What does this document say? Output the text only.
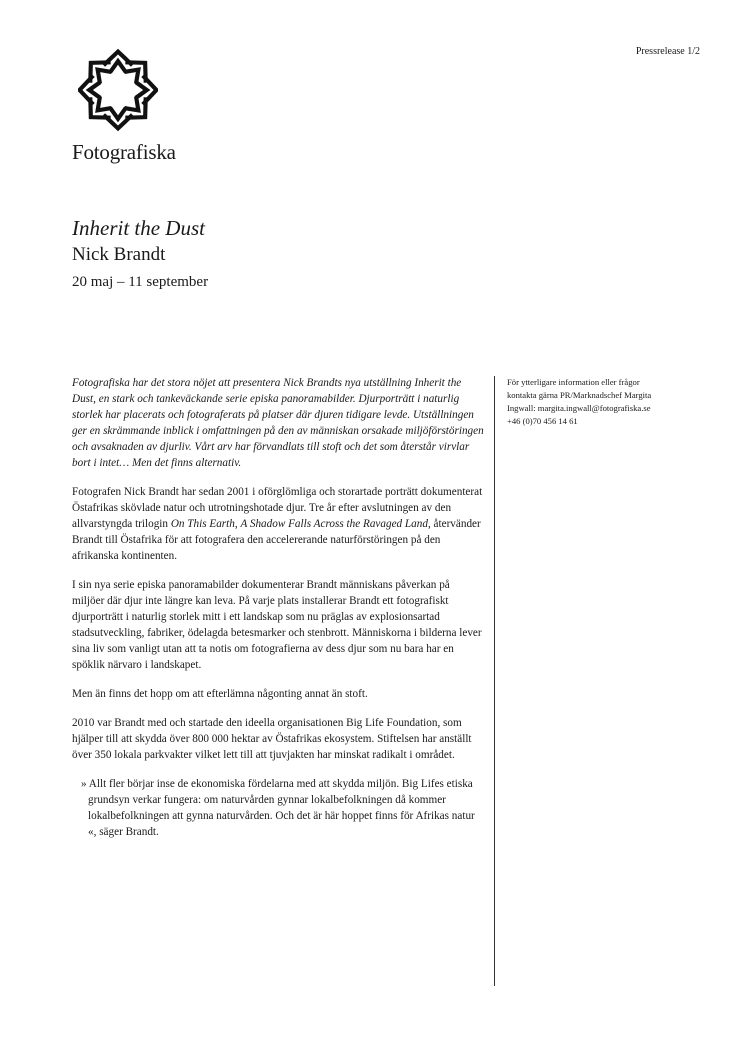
Pressrelease 1/2
Fotografiska
Inherit the Dust
Nick Brandt
20 maj – 11 september

Fotografiska har det stora nöjet att presentera Nick Brandts nya utställning Inherit the Dust, en stark och tankeväckande serie episka panoramabilder. Djurporträtt i naturlig storlek har placerats och fotograferats på platser där djuren tidigare levde. Utställningen ger en skrämmande inblick i omfattningen på den av människan orsakade miljöförstöringen och avsaknaden av djurliv. Vårt arv har förvandlats till stoft och det som återstår virvlar bort i intet… Men det finns alternativ.

Fotografen Nick Brandt har sedan 2001 i oförglömliga och storartade porträtt dokumenterat Östafrikas skövlade natur och utrotningshotade djur. Tre år efter avslutningen av den allvarstyngda trilogin On This Earth, A Shadow Falls Across the Ravaged Land, återvänder Brandt till Östafrika för att fotografera den accelererande naturförstöringen på den afrikanska kontinenten.

I sin nya serie episka panoramabilder dokumenterar Brandt människans påverkan på miljöer där djur inte längre kan leva. På varje plats installerar Brandt ett fotografiskt djurporträtt i naturlig storlek mitt i ett landskap som nu präglas av explosionsartad stadsutveckling, fabriker, ödelagda betesmarker och stenbrott. Människorna i bilderna lever sina liv som vanligt utan att ta notis om fotografierna av dess djur som nu bara har en spöklik närvaro i landskapet.

Men än finns det hopp om att efterlämna någonting annat än stoft.

2010 var Brandt med och startade den ideella organisationen Big Life Foundation, som hjälper till att skydda över 800 000 hektar av Östafrikas ekosystem. Stiftelsen har anställt över 350 lokala parkvakter vilket lett till att tjuvjakten har minskat radikalt i området.

» Allt fler börjar inse de ekonomiska fördelarna med att skydda miljön. Big Lifes etiska grundsyn verkar fungera: om naturvården gynnar lokalbefolkningen då kommer lokalbefolkningen att gynna naturvården. Och det är här hoppet finns för Afrikas natur «, säger Brandt.

För ytterligare information eller frågor
kontakta gärna PR/Marknadschef Margita
Ingwall: margita.ingwall@fotografiska.se
+46 (0)70 456 14 61
